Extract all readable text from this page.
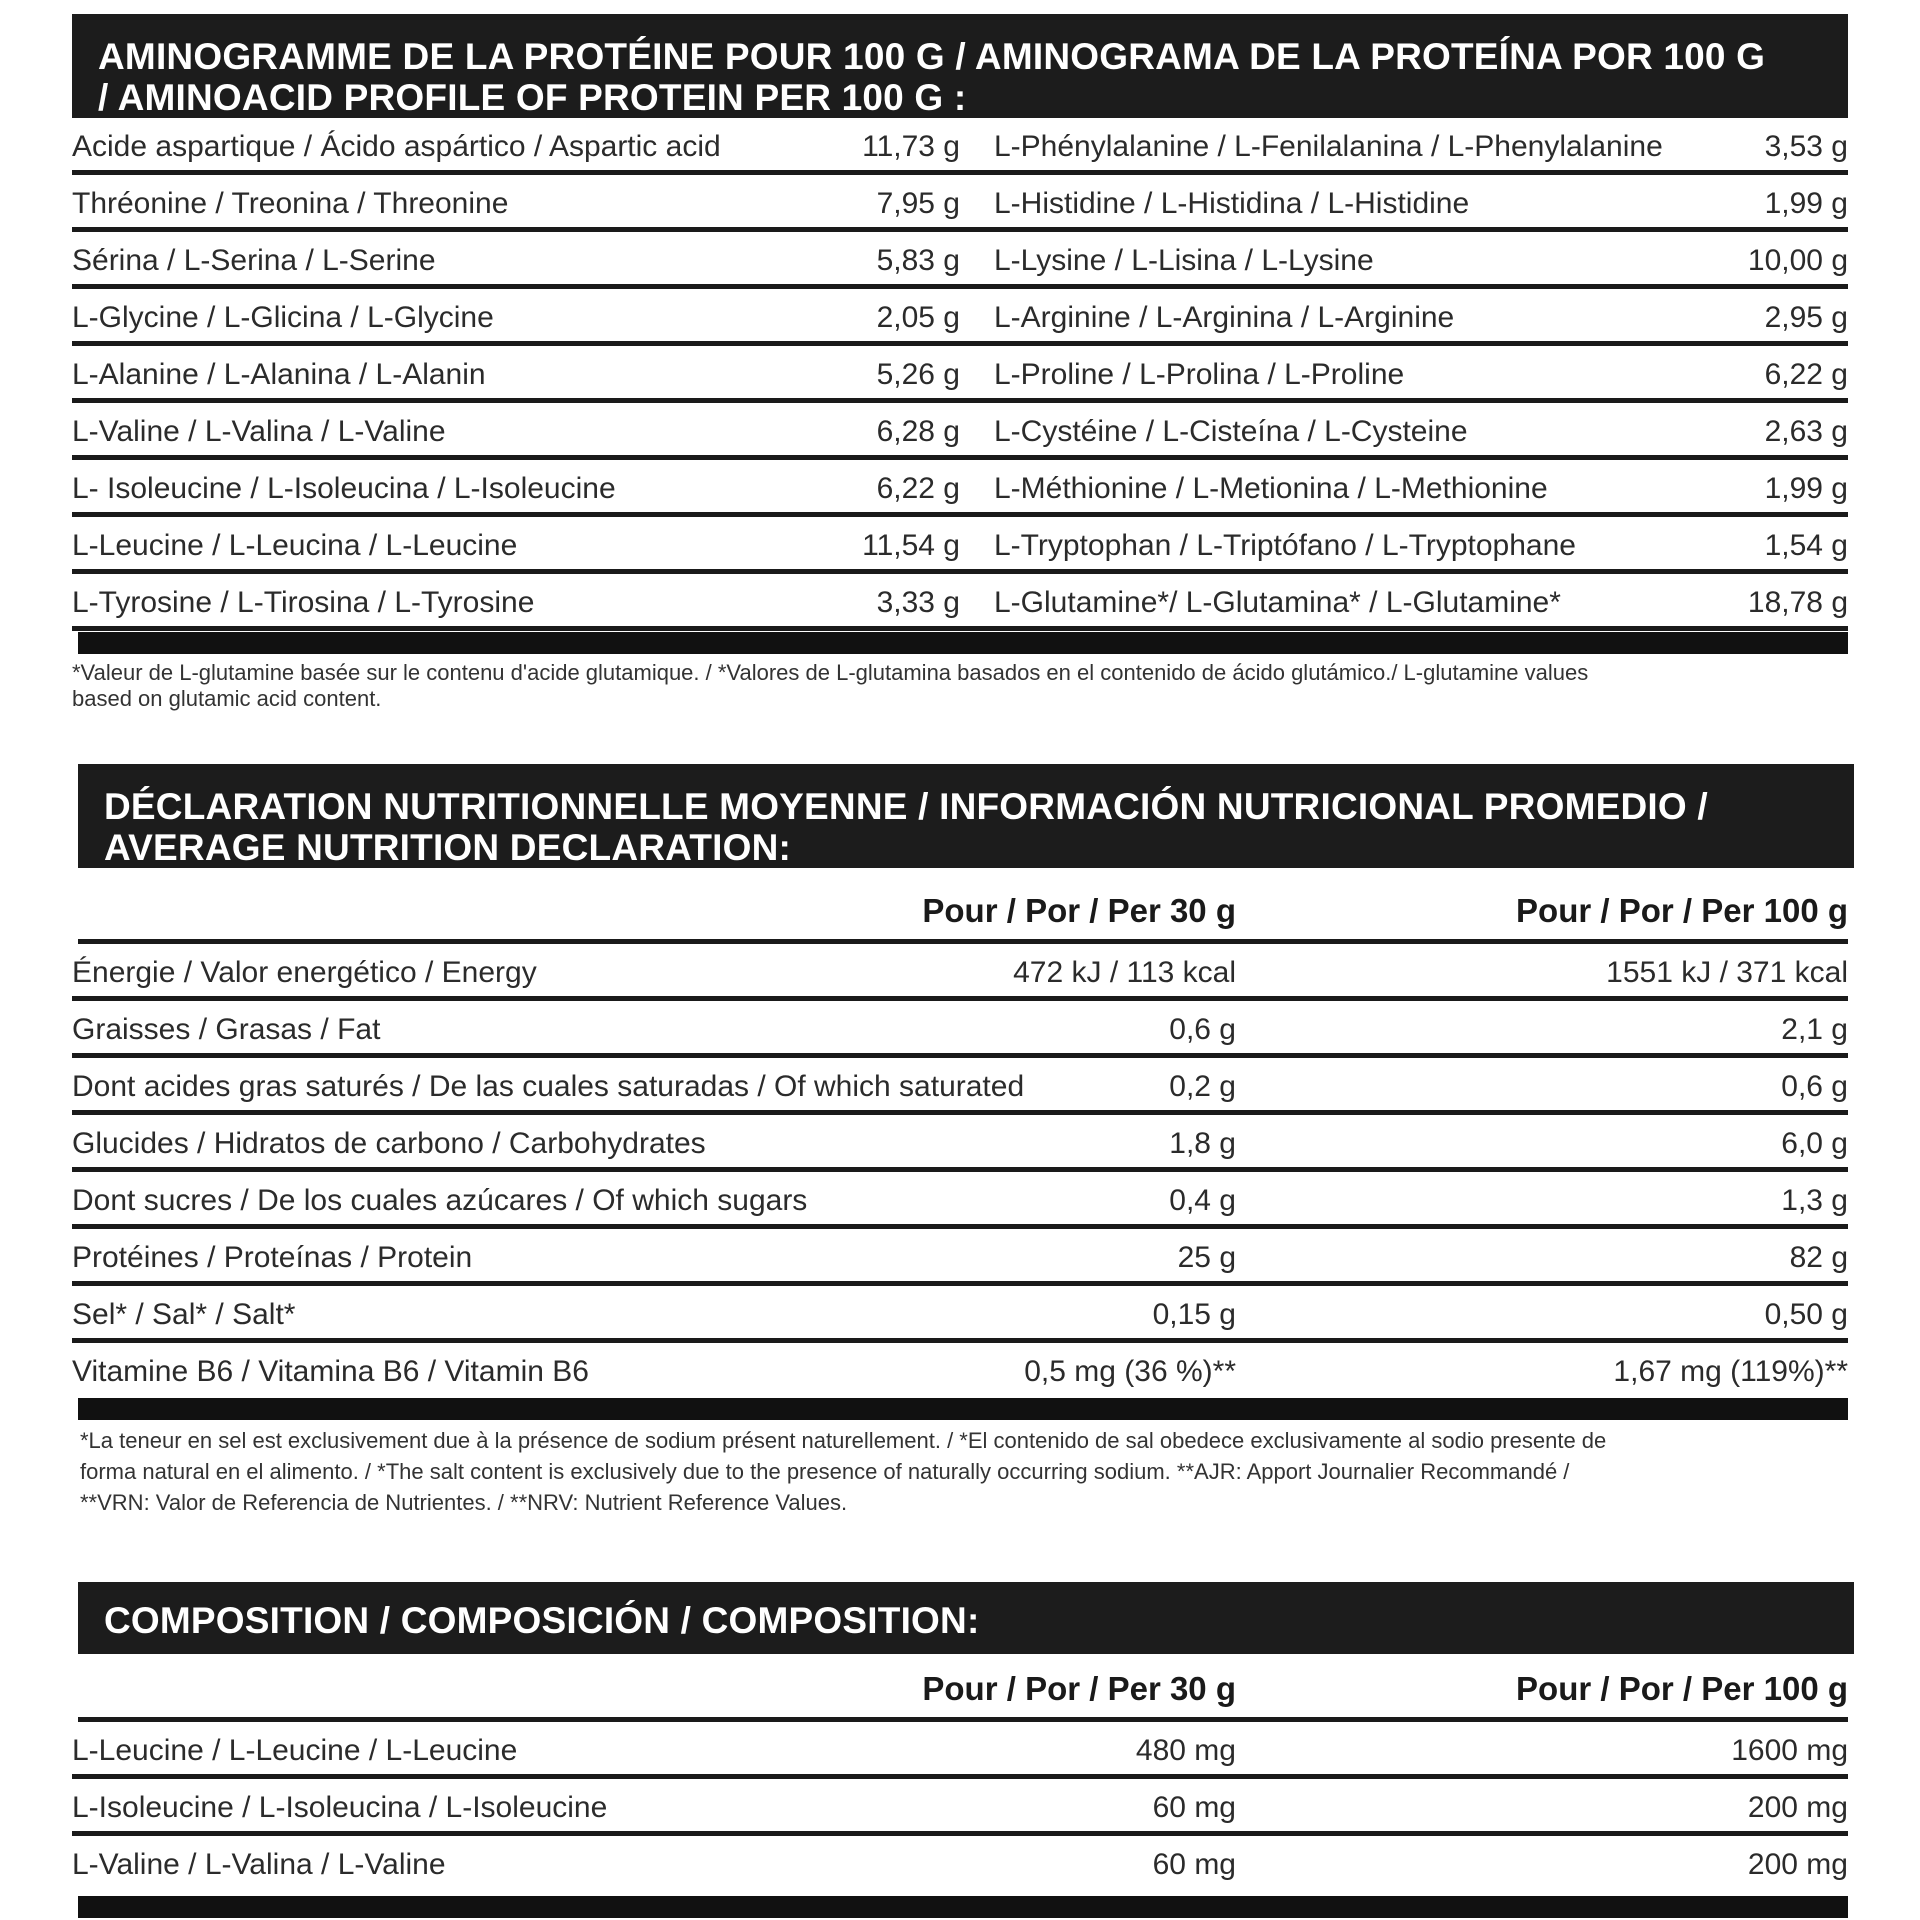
AMINOGRAMME DE LA PROTÉINE POUR 100 G / AMINOGRAMA DE LA PROTEÍNA POR 100 G
/ AMINOACID PROFILE OF PROTEIN PER 100 G :
Acide aspartique / Ácido aspártico / Aspartic acid	11,73 g L-Phénylalanine / L-Fenilalanina / L-Phenylalanine	3,53 g
Thréonine / Treonina / Threonine	7,95 g L-Histidine / L-Histidina / L-Histidine	1,99 g
Sérina / L-Serina / L-Serine	5,83 g L-Lysine / L-Lisina / L-Lysine	10,00 g
L-Glycine / L-Glicina / L-Glycine	2,05 g L-Arginine / L-Arginina / L-Arginine	2,95 g
L-Alanine / L-Alanina / L-Alanin	5,26 g L-Proline / L-Prolina / L-Proline	6,22 g
L-Valine / L-Valina / L-Valine	6,28 g L-Cystéine / L-Cisteína / L-Cysteine	2,63 g
L- Isoleucine / L-Isoleucina / L-Isoleucine	6,22 g L-Méthionine / L-Metionina / L-Methionine	1,99 g
L-Leucine / L-Leucina / L-Leucine	11,54 g L-Tryptophan / L-Triptófano / L-Tryptophane	1,54 g
L-Tyrosine / L-Tirosina / L-Tyrosine	3,33 g L-Glutamine*/ L-Glutamina* / L-Glutamine*	18,78 g
*Valeur de L-glutamine basée sur le contenu d'acide glutamique. / *Valores de L-glutamina basados en el contenido de ácido glutámico./ L-glutamine values
based on glutamic acid content.
DÉCLARATION NUTRITIONNELLE MOYENNE / INFORMACIÓN NUTRICIONAL PROMEDIO /
AVERAGE NUTRITION DECLARATION:
Pour / Por / Per 30 g	Pour / Por / Per 100 g
Énergie / Valor energético / Energy	472 kJ / 113 kcal	1551 kJ / 371 kcal
Graisses / Grasas / Fat	0,6 g	2,1 g
Dont acides gras saturés / De las cuales saturadas / Of which saturated	0,2 g	0,6 g
Glucides / Hidratos de carbono / Carbohydrates	1,8 g	6,0 g
Dont sucres / De los cuales azúcares / Of which sugars	0,4 g	1,3 g
Protéines / Proteínas / Protein	25 g	82 g
Sel* / Sal* / Salt*	0,15 g	0,50 g
Vitamine B6 / Vitamina B6 / Vitamin B6	0,5 mg (36 %)**	1,67 mg (119%)**
*La teneur en sel est exclusivement due à la présence de sodium présent naturellement. / *El contenido de sal obedece exclusivamente al sodio presente de
forma natural en el alimento. / *The salt content is exclusively due to the presence of naturally occurring sodium. **AJR: Apport Journalier Recommandé /
**VRN: Valor de Referencia de Nutrientes. / **NRV: Nutrient Reference Values.
COMPOSITION / COMPOSICIÓN / COMPOSITION:
Pour / Por / Per 30 g	Pour / Por / Per 100 g
L-Leucine / L-Leucine / L-Leucine	480 mg	1600 mg
L-Isoleucine / L-Isoleucina / L-Isoleucine	60 mg	200 mg
L-Valine / L-Valina / L-Valine	60 mg	200 mg
